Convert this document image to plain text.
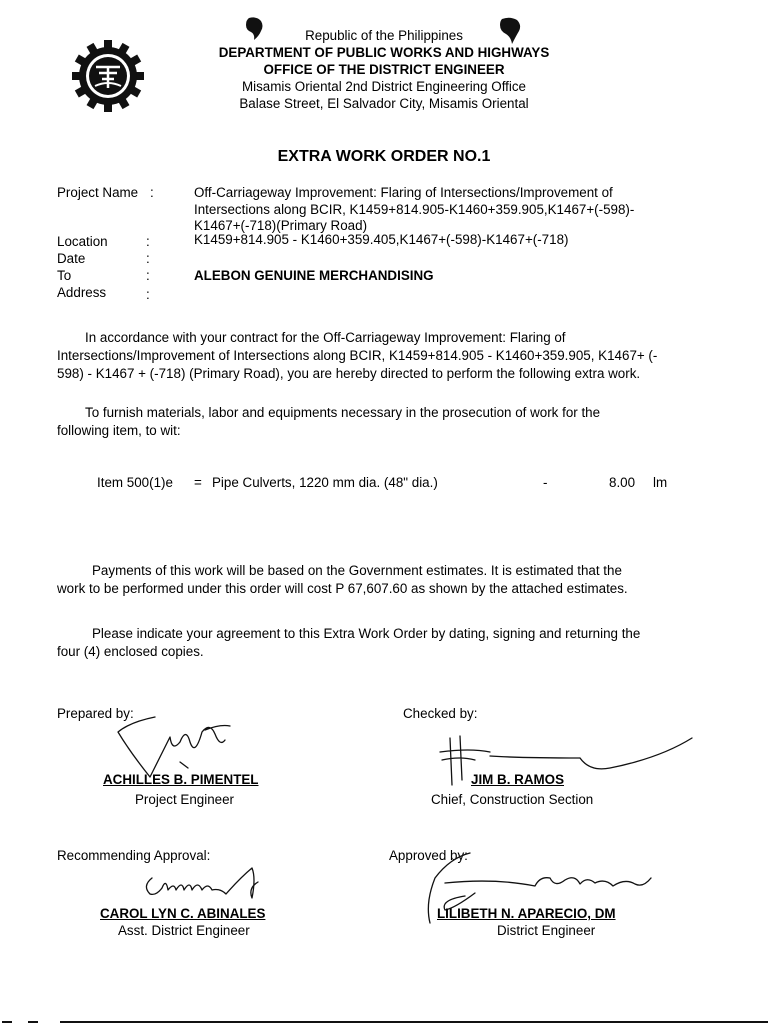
Republic of the Philippines
DEPARTMENT OF PUBLIC WORKS AND HIGHWAYS
OFFICE OF THE DISTRICT ENGINEER
Misamis Oriental 2nd District Engineering Office
Balase Street, El Salvador City, Misamis Oriental
EXTRA WORK ORDER NO.1
Project Name :	Off-Carriageway Improvement: Flaring of Intersections/Improvement of
Intersections along BCIR, K1459+814.905-K1460+359.905,K1467+(-598)-
K1467+(-718)(Primary Road)
Location	:	K1459+814.905 - K1460+359.405,K1467+(-598)-K1467+(-718)
Date	:
To	:	ALEBON GENUINE MERCHANDISING
Address	:
In accordance with your contract for the Off-Carriageway Improvement: Flaring of
Intersections/Improvement of Intersections along BCIR, K1459+814.905 - K1460+359.905, K1467+ (-
598) - K1467 + (-718) (Primary Road), you are hereby directed to perform the following extra work.
To furnish materials, labor and equipments necessary in the prosecution of work for the
following item, to wit:
Item 500(1)e = Pipe Culverts, 1220 mm dia. (48" dia.)	-	8.00 lm
Payments of this work will be based on the Government estimates. It is estimated that the
work to be performed under this order will cost P 67,607.60 as shown by the attached estimates.
Please indicate your agreement to this Extra Work Order by dating, signing and returning the
four (4) enclosed copies.
Prepared by:
ACHILLES B. PIMENTEL
Project Engineer
Checked by:
JIM B. RAMOS
Chief, Construction Section
Recommending Approval:
CAROL LYN C. ABINALES
Asst. District Engineer
Approved by:
LILIBETH N. APARECIO, DM
District Engineer
